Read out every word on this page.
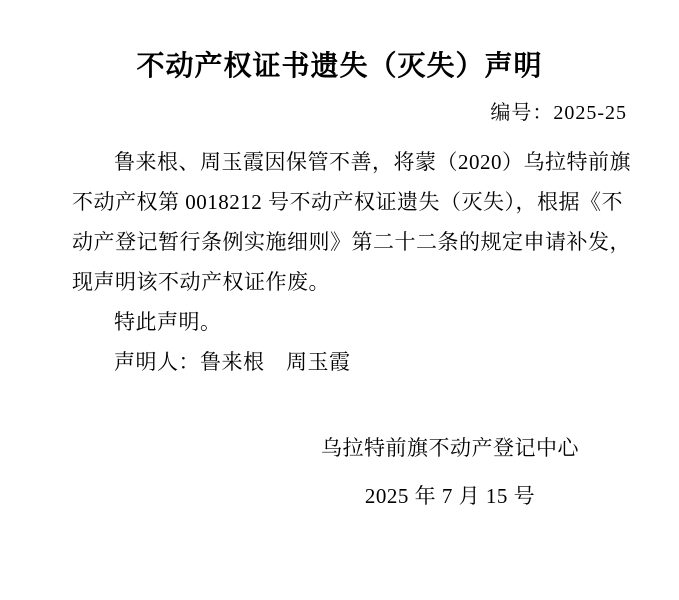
不动产权证书遗失（灭失）声明
编号：2025-25
鲁来根、周玉霞因保管不善，将蒙（2020）乌拉特前旗
不动产权第 0018212 号不动产权证遗失（灭失），根据《不
动产登记暂行条例实施细则》第二十二条的规定申请补发，
现声明该不动产权证作废。
特此声明。
声明人：鲁来根　周玉霞
乌拉特前旗不动产登记中心
2025 年 7 月 15 号
